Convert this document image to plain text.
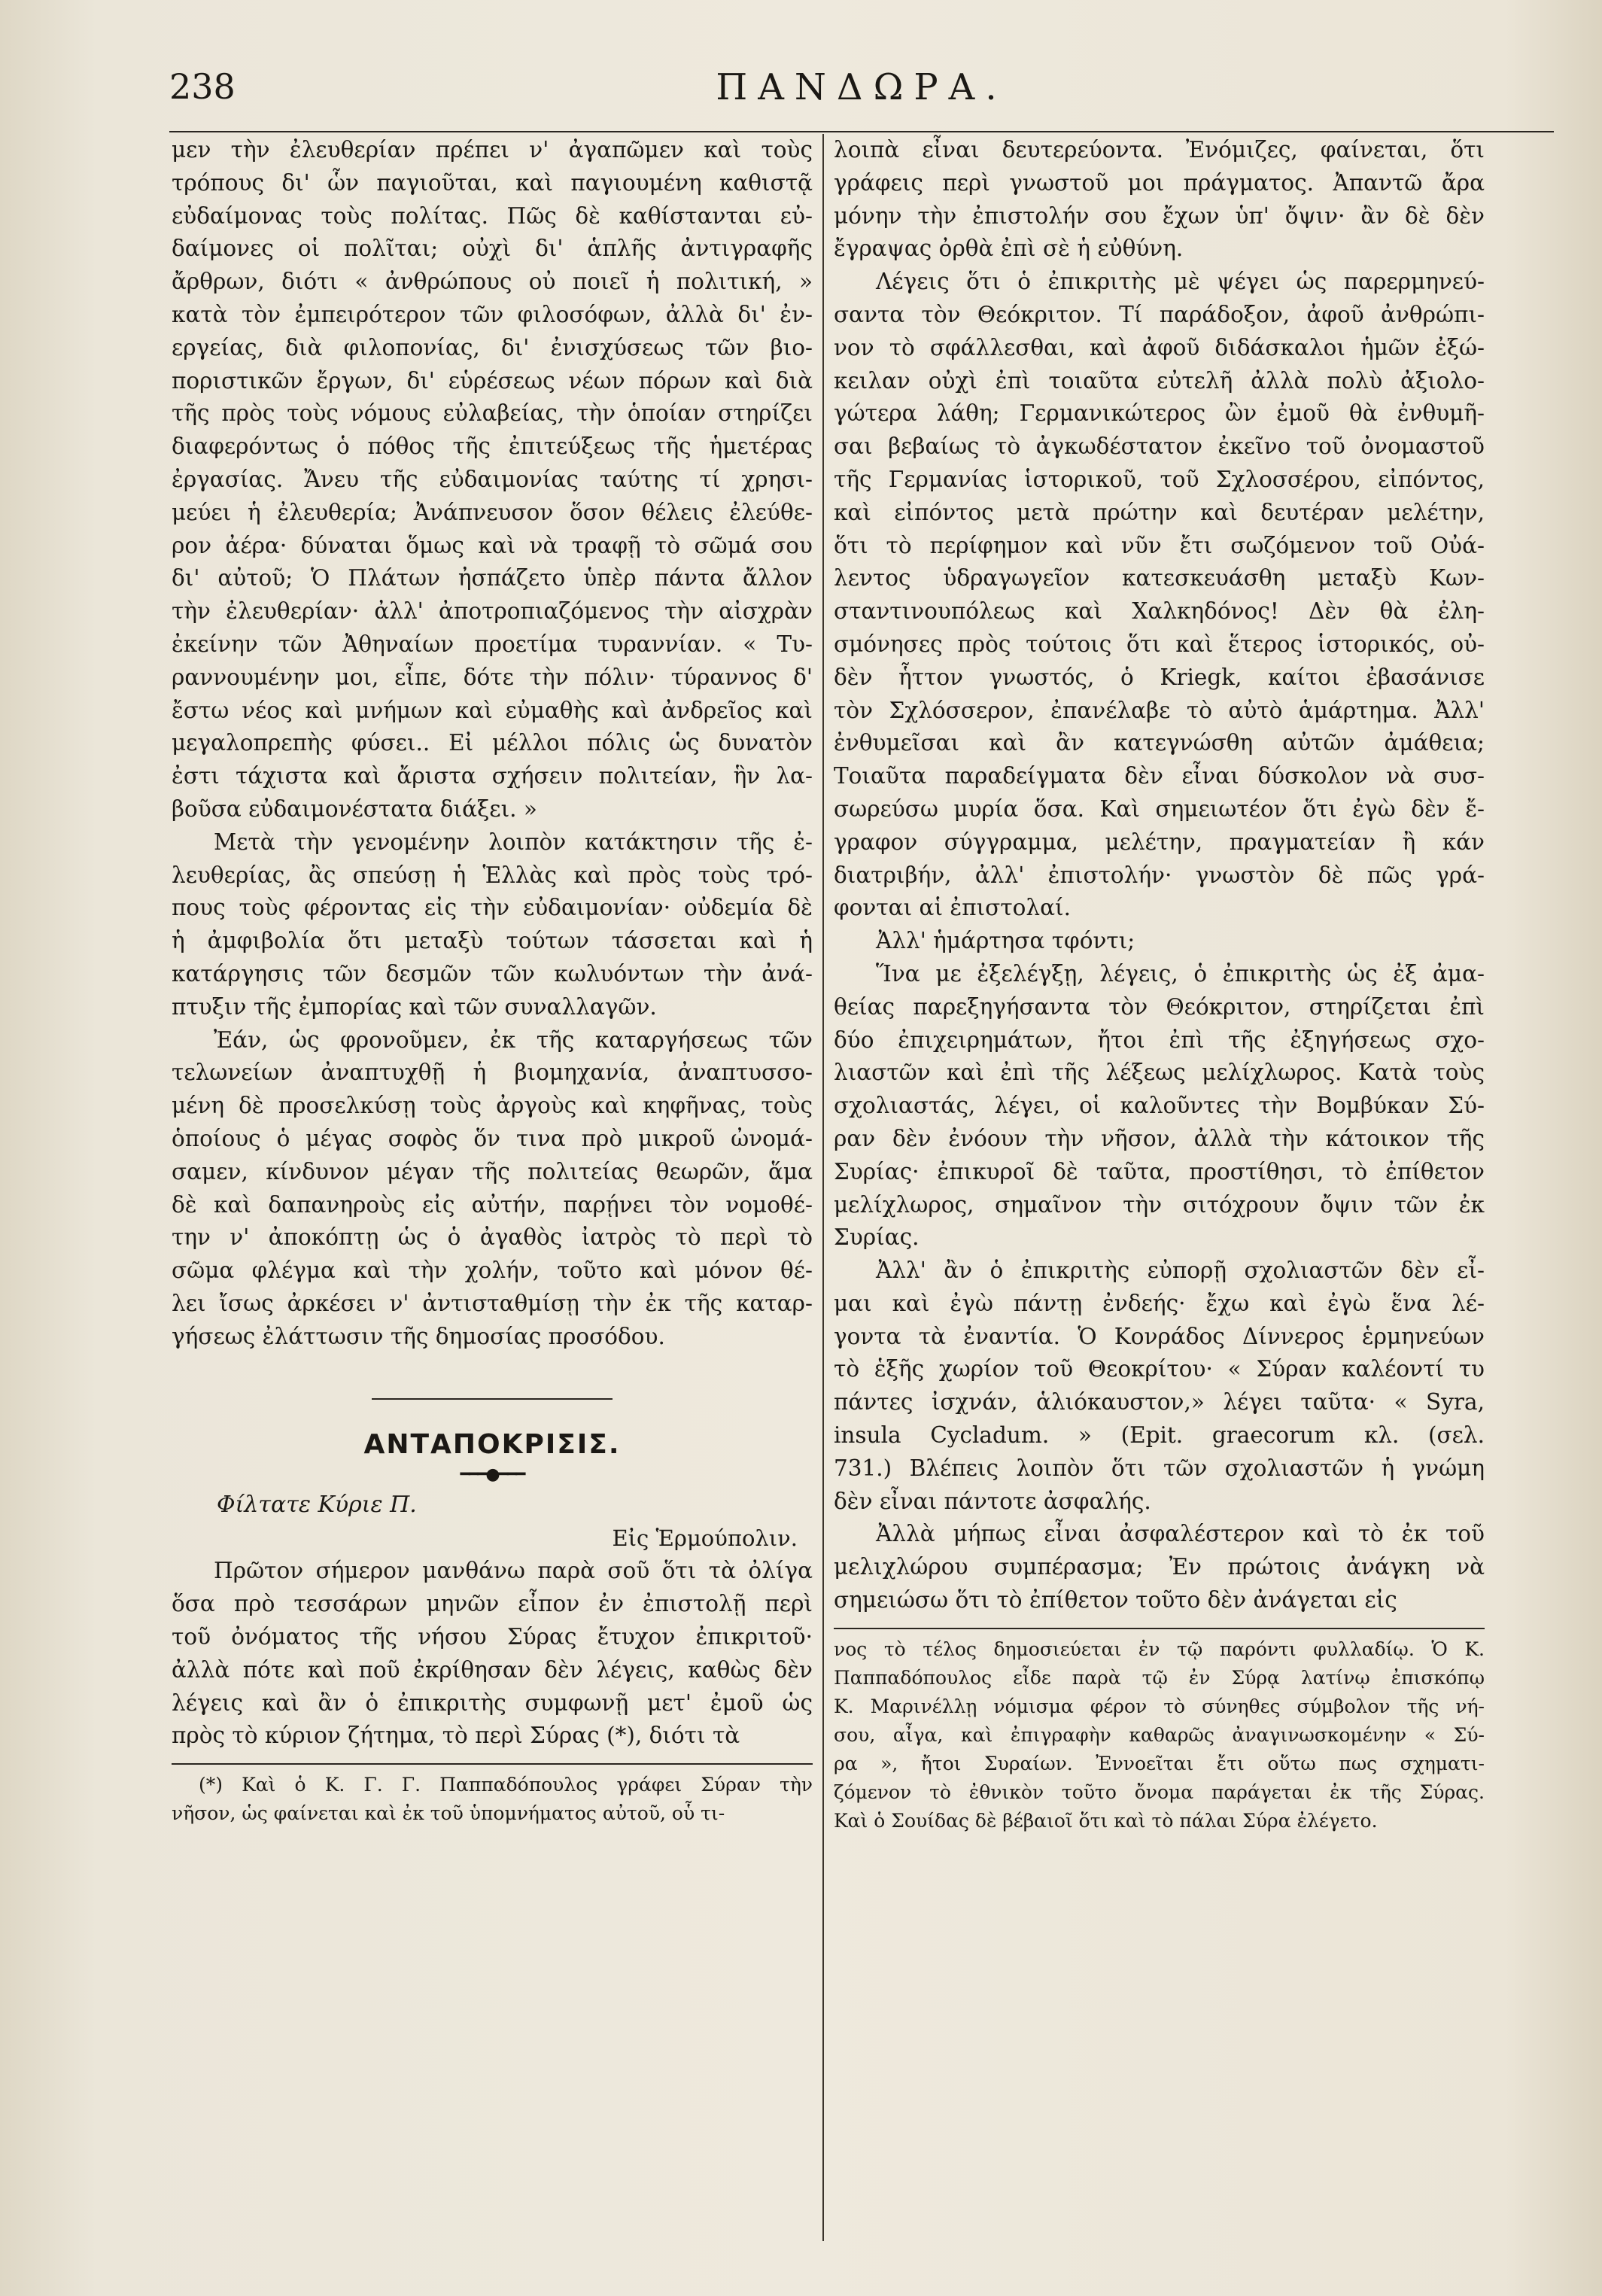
238	ΠΑΝΔΩΡΑ.
μεν τὴν ἐλευθερίαν πρέπει ν' ἀγαπῶμεν καὶ τοὺς
τρόπους δι' ὧν παγιοῦται, καὶ παγιουμένη καθιστᾷ
εὐδαίμονας τοὺς πολίτας. Πῶς δὲ καθίστανται εὐ-
δαίμονες οἱ πολῖται; οὐχὶ δι' ἁπλῆς ἀντιγραφῆς
ἄρθρων, διότι « ἀνθρώπους οὐ ποιεῖ ἡ πολιτική, »
κατὰ τὸν ἐμπειρότερον τῶν φιλοσόφων, ἀλλὰ δι' ἐν-
εργείας, διὰ φιλοπονίας, δι' ἐνισχύσεως τῶν βιο-
ποριστικῶν ἔργων, δι' εὑρέσεως νέων πόρων καὶ διὰ
τῆς πρὸς τοὺς νόμους εὐλαβείας, τὴν ὁποίαν στηρίζει
διαφερόντως ὁ πόθος τῆς ἐπιτεύξεως τῆς ἡμετέρας
ἐργασίας. Ἄνευ τῆς εὐδαιμονίας ταύτης τί χρησι-
μεύει ἡ ἐλευθερία; Ἀνάπνευσον ὅσον θέλεις ἐλεύθε-
ρον ἀέρα· δύναται ὅμως καὶ νὰ τραφῇ τὸ σῶμά σου
δι' αὐτοῦ; Ὁ Πλάτων ἠσπάζετο ὑπὲρ πάντα ἄλλον
τὴν ἐλευθερίαν· ἀλλ' ἀποτροπιαζόμενος τὴν αἰσχρὰν
ἐκείνην τῶν Ἀθηναίων προετίμα τυραννίαν. « Τυ-
ραννουμένην μοι, εἶπε, δότε τὴν πόλιν· τύραννος δ'
ἔστω νέος καὶ μνήμων καὶ εὐμαθὴς καὶ ἀνδρεῖος καὶ
μεγαλοπρεπὴς φύσει.. Εἰ μέλλοι πόλις ὡς δυνατὸν
ἐστι τάχιστα καὶ ἄριστα σχήσειν πολιτείαν, ἣν λα-
βοῦσα εὐδαιμονέστατα διάξει. »
Μετὰ τὴν γενομένην λοιπὸν κατάκτησιν τῆς ἐ-
λευθερίας, ἂς σπεύσῃ ἡ Ἑλλὰς καὶ πρὸς τοὺς τρό-
πους τοὺς φέροντας εἰς τὴν εὐδαιμονίαν· οὐδεμία δὲ
ἡ ἀμφιβολία ὅτι μεταξὺ τούτων τάσσεται καὶ ἡ
κατάργησις τῶν δεσμῶν τῶν κωλυόντων τὴν ἀνά-
πτυξιν τῆς ἐμπορίας καὶ τῶν συναλλαγῶν.
Ἐάν, ὡς φρονοῦμεν, ἐκ τῆς καταργήσεως τῶν
τελωνείων ἀναπτυχθῇ ἡ βιομηχανία, ἀναπτυσσο-
μένη δὲ προσελκύσῃ τοὺς ἀργοὺς καὶ κηφῆνας, τοὺς
ὁποίους ὁ μέγας σοφὸς ὅν τινα πρὸ μικροῦ ὠνομά-
σαμεν, κίνδυνον μέγαν τῆς πολιτείας θεωρῶν, ἅμα
δὲ καὶ δαπανηροὺς εἰς αὐτήν, παρῄνει τὸν νομοθέ-
την ν' ἀποκόπτῃ ὡς ὁ ἀγαθὸς ἰατρὸς τὸ περὶ τὸ
σῶμα φλέγμα καὶ τὴν χολήν, τοῦτο καὶ μόνον θέ-
λει ἴσως ἀρκέσει ν' ἀντισταθμίσῃ τὴν ἐκ τῆς καταρ-
γήσεως ἐλάττωσιν τῆς δημοσίας προσόδου.
ΑΝΤΑΠΟΚΡΙΣΙΣ.
━━━●━━━
Φίλτατε Κύριε Π.
Εἰς Ἑρμούπολιν.
Πρῶτον σήμερον μανθάνω παρὰ σοῦ ὅτι τὰ ὀλίγα
ὅσα πρὸ τεσσάρων μηνῶν εἶπον ἐν ἐπιστολῇ περὶ
τοῦ ὀνόματος τῆς νήσου Σύρας ἔτυχον ἐπικριτοῦ·
ἀλλὰ πότε καὶ ποῦ ἐκρίθησαν δὲν λέγεις, καθὼς δὲν
λέγεις καὶ ἂν ὁ ἐπικριτὴς συμφωνῇ μετ' ἐμοῦ ὡς
πρὸς τὸ κύριον ζήτημα, τὸ περὶ Σύρας (*), διότι τὰ
(*) Καὶ ὁ Κ. Γ. Γ. Παππαδόπουλος γράφει Σύραν τὴν
νῆσον, ὡς φαίνεται καὶ ἐκ τοῦ ὑπομνήματος αὐτοῦ, οὗ τι-
λοιπὰ εἶναι δευτερεύοντα. Ἐνόμιζες, φαίνεται, ὅτι
γράφεις περὶ γνωστοῦ μοι πράγματος. Ἀπαντῶ ἄρα
μόνην τὴν ἐπιστολήν σου ἔχων ὑπ' ὄψιν· ἂν δὲ δὲν
ἔγραψας ὀρθὰ ἐπὶ σὲ ἡ εὐθύνη.
Λέγεις ὅτι ὁ ἐπικριτὴς μὲ ψέγει ὡς παρερμηνεύ-
σαντα τὸν Θεόκριτον. Τί παράδοξον, ἀφοῦ ἀνθρώπι-
νον τὸ σφάλλεσθαι, καὶ ἀφοῦ διδάσκαλοι ἡμῶν ἐξώ-
κειλαν οὐχὶ ἐπὶ τοιαῦτα εὐτελῆ ἀλλὰ πολὺ ἀξιολο-
γώτερα λάθη; Γερμανικώτερος ὢν ἐμοῦ θὰ ἐνθυμῆ-
σαι βεβαίως τὸ ἀγκωδέστατον ἐκεῖνο τοῦ ὀνομαστοῦ
τῆς Γερμανίας ἱστορικοῦ, τοῦ Σχλοσσέρου, εἰπόντος,
καὶ εἰπόντος μετὰ πρώτην καὶ δευτέραν μελέτην,
ὅτι τὸ περίφημον καὶ νῦν ἔτι σωζόμενον τοῦ Οὐά-
λεντος ὑδραγωγεῖον κατεσκευάσθη μεταξὺ Κων-
σταντινουπόλεως καὶ Χαλκηδόνος! Δὲν θὰ ἐλη-
σμόνησες πρὸς τούτοις ὅτι καὶ ἕτερος ἱστορικός, οὐ-
δὲν ἧττον γνωστός, ὁ Kriegk, καίτοι ἐβασάνισε
τὸν Σχλόσσερον, ἐπανέλαβε τὸ αὐτὸ ἁμάρτημα. Ἀλλ'
ἐνθυμεῖσαι καὶ ἂν κατεγνώσθη αὐτῶν ἀμάθεια;
Τοιαῦτα παραδείγματα δὲν εἶναι δύσκολον νὰ συσ-
σωρεύσω μυρία ὅσα. Καὶ σημειωτέον ὅτι ἐγὼ δὲν ἔ-
γραφον σύγγραμμα, μελέτην, πραγματείαν ἢ κάν
διατριβήν, ἀλλ' ἐπιστολήν· γνωστὸν δὲ πῶς γρά-
φονται αἱ ἐπιστολαί.
Ἀλλ' ἡμάρτησα τφόντι;
Ἵνα με ἐξελέγξῃ, λέγεις, ὁ ἐπικριτὴς ὡς ἐξ ἀμα-
θείας παρεξηγήσαντα τὸν Θεόκριτον, στηρίζεται ἐπὶ
δύο ἐπιχειρημάτων, ἤτοι ἐπὶ τῆς ἐξηγήσεως σχο-
λιαστῶν καὶ ἐπὶ τῆς λέξεως μελίχλωρος. Κατὰ τοὺς
σχολιαστάς, λέγει, οἱ καλοῦντες τὴν Βομβύκαν Σύ-
ραν δὲν ἐνόουν τὴν νῆσον, ἀλλὰ τὴν κάτοικον τῆς
Συρίας· ἐπικυροῖ δὲ ταῦτα, προστίθησι, τὸ ἐπίθετον
μελίχλωρος, σημαῖνον τὴν σιτόχρουν ὄψιν τῶν ἐκ
Συρίας.
Ἀλλ' ἂν ὁ ἐπικριτὴς εὐπορῇ σχολιαστῶν δὲν εἶ-
μαι καὶ ἐγὼ πάντῃ ἐνδεής· ἔχω καὶ ἐγὼ ἕνα λέ-
γοντα τὰ ἐναντία. Ὁ Κονράδος Δίννερος ἑρμηνεύων
τὸ ἑξῆς χωρίον τοῦ Θεοκρίτου· « Σύραν καλέοντί τυ
πάντες ἰσχνάν, ἁλιόκαυστον,» λέγει ταῦτα· « Syra,
insula Cycladum. » (Epit. graecorum κλ. (σελ.
731.) Βλέπεις λοιπὸν ὅτι τῶν σχολιαστῶν ἡ γνώμη
δὲν εἶναι πάντοτε ἀσφαλής.
Ἀλλὰ μήπως εἶναι ἀσφαλέστερον καὶ τὸ ἐκ τοῦ
μελιχλώρου συμπέρασμα; Ἐν πρώτοις ἀνάγκη νὰ
σημειώσω ὅτι τὸ ἐπίθετον τοῦτο δὲν ἀνάγεται εἰς
νος τὸ τέλος δημοσιεύεται ἐν τῷ παρόντι φυλλαδίῳ. Ὁ Κ.
Παππαδόπουλος εἶδε παρὰ τῷ ἐν Σύρᾳ λατίνῳ ἐπισκόπῳ
Κ. Μαρινέλλῃ νόμισμα φέρον τὸ σύνηθες σύμβολον τῆς νή-
σου, αἶγα, καὶ ἐπιγραφὴν καθαρῶς ἀναγινωσκομένην « Σύ-
ρα », ἤτοι Συραίων. Ἐννοεῖται ἔτι οὕτω πως σχηματι-
ζόμενον τὸ ἐθνικὸν τοῦτο ὄνομα παράγεται ἐκ τῆς Σύρας.
Καὶ ὁ Σουίδας δὲ βέβαιοῖ ὅτι καὶ τὸ πάλαι Σύρα ἐλέγετο.
